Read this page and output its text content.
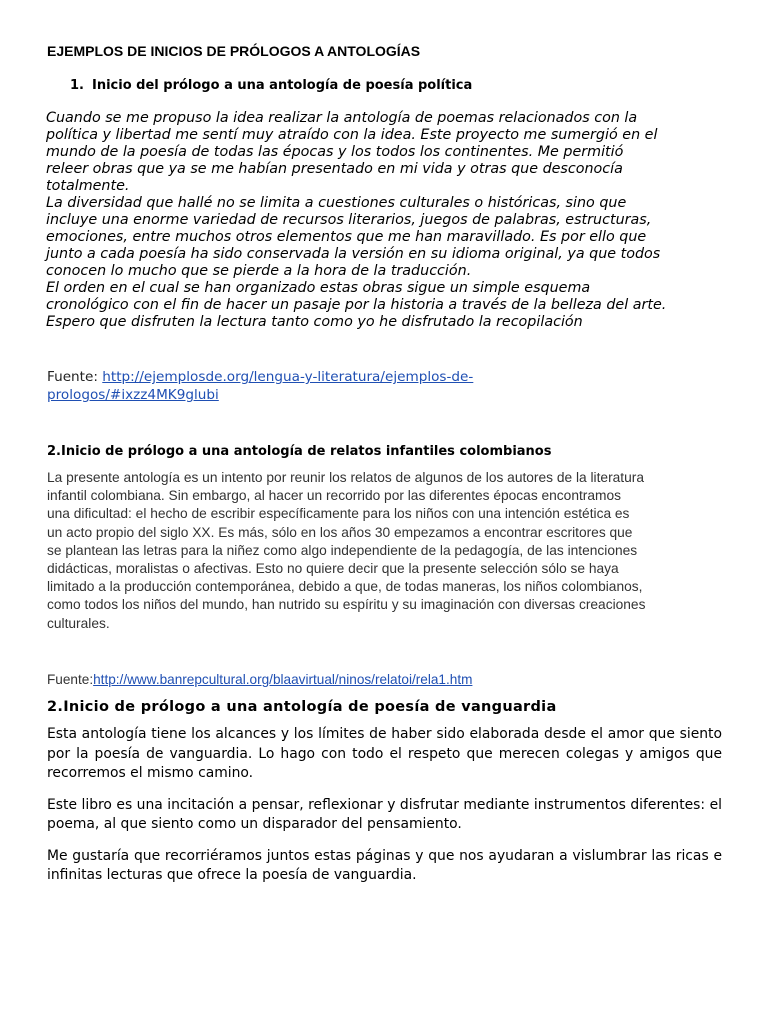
EJEMPLOS DE INICIOS DE PRÓLOGOS A ANTOLOGÍAS
1. Inicio del prólogo a una antología de poesía política

Cuando se me propuso la idea realizar la antología de poemas relacionados con la

política y libertad me sentí muy atraído con la idea. Este proyecto me sumergió en el

mundo de la poesía de todas las épocas y los todos los continentes. Me permitió

releer obras que ya se me habían presentado en mi vida y otras que desconocía

totalmente.

La diversidad que hallé no se limita a cuestiones culturales o históricas, sino que

incluye una enorme variedad de recursos literarios, juegos de palabras, estructuras,

emociones, entre muchos otros elementos que me han maravillado. Es por ello que

junto a cada poesía ha sido conservada la versión en su idioma original, ya que todos

conocen lo mucho que se pierde a la hora de la traducción.

El orden en el cual se han organizado estas obras sigue un simple esquema

cronológico con el fin de hacer un pasaje por la historia a través de la belleza del arte.

Espero que disfruten la lectura tanto como yo he disfrutado la recopilación

Fuente: http://ejemplosde.org/lengua-y-literatura/ejemplos-de-
prologos/#ixzz4MK9glubi
2.Inicio de prólogo a una antología de relatos infantiles colombianos
La presente antología es un intento por reunir los relatos de algunos de los autores de la literatura
infantil colombiana. Sin embargo, al hacer un recorrido por las diferentes épocas encontramos
una dificultad: el hecho de escribir específicamente para los niños con una intención estética es
un acto propio del siglo XX. Es más, sólo en los años 30 empezamos a encontrar escritores que
se plantean las letras para la niñez como algo independiente de la pedagogía, de las intenciones
didácticas, moralistas o afectivas. Esto no quiere decir que la presente selección sólo se haya
limitado a la producción contemporánea, debido a que, de todas maneras, los niños colombianos,
como todos los niños del mundo, han nutrido su espíritu y su imaginación con diversas creaciones
culturales.
Fuente:http://www.banrepcultural.org/blaavirtual/ninos/relatoi/rela1.htm
2.Inicio de prólogo a una antología de poesía de vanguardia

Esta antología tiene los alcances y los límites de haber sido elaborada desde el amor que siento por la poesía de vanguardia. Lo hago con todo el respeto que merecen colegas y amigos que recorremos el mismo camino.

Este libro es una incitación a pensar, reflexionar y disfrutar mediante instrumentos diferentes: el poema, al que siento como un disparador del pensamiento.

Me gustaría que recorriéramos juntos estas páginas y que nos ayudaran a vislumbrar las ricas e infinitas lecturas que ofrece la poesía de vanguardia.
